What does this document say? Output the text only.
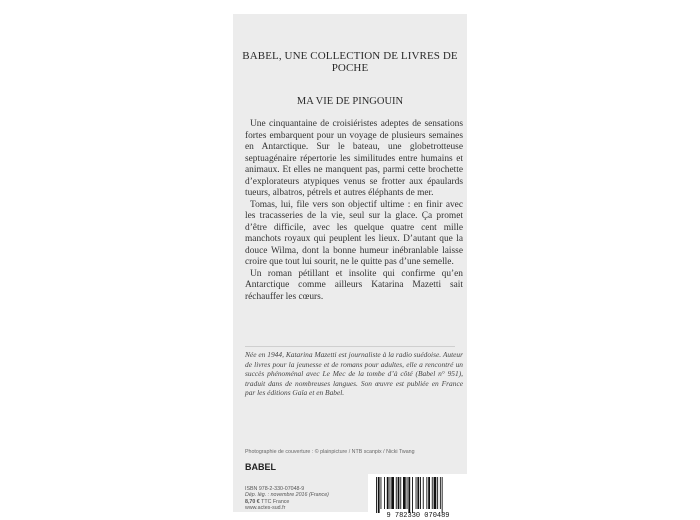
BABEL, UNE COLLECTION DE LIVRES DE POCHE
MA VIE DE PINGOUIN

Une cinquantaine de croisiéristes adeptes de sensations fortes embarquent pour un voyage de plusieurs semaines en Antarctique. Sur le bateau, une globetrotteuse septuagénaire répertorie les similitudes entre humains et animaux. Et elles ne manquent pas, parmi cette brochette d’explorateurs atypiques venus se frotter aux épaulards tueurs, albatros, pétrels et autres éléphants de mer.

Tomas, lui, file vers son objectif ultime : en finir avec les tracasseries de la vie, seul sur la glace. Ça promet d’être difficile, avec les quelque quatre cent mille manchots royaux qui peuplent les lieux. D’autant que la douce Wilma, dont la bonne humeur inébranlable laisse croire que tout lui sourit, ne le quitte pas d’une semelle.

Un roman pétillant et insolite qui confirme qu’en Antarctique comme ailleurs Katarina Mazetti sait réchauffer les cœurs.

Née en 1944, Katarina Mazetti est journaliste à la radio suédoise. Auteur de livres pour la jeunesse et de romans pour adultes, elle a rencontré un succès phénoménal avec Le Mec de la tombe d’à côté (Babel n° 951), traduit dans de nombreuses langues. Son œuvre est publiée en France par les éditions Gaïa et en Babel.
Photographie de couverture : © plainpicture / NTB scanpix / Nicki Twang
BABEL
ISBN 978-2-330-07048-9
Dép. lég. : novembre 2016 (France)
8,70 € TTC France
www.actes-sud.fr
9 782330 070489
